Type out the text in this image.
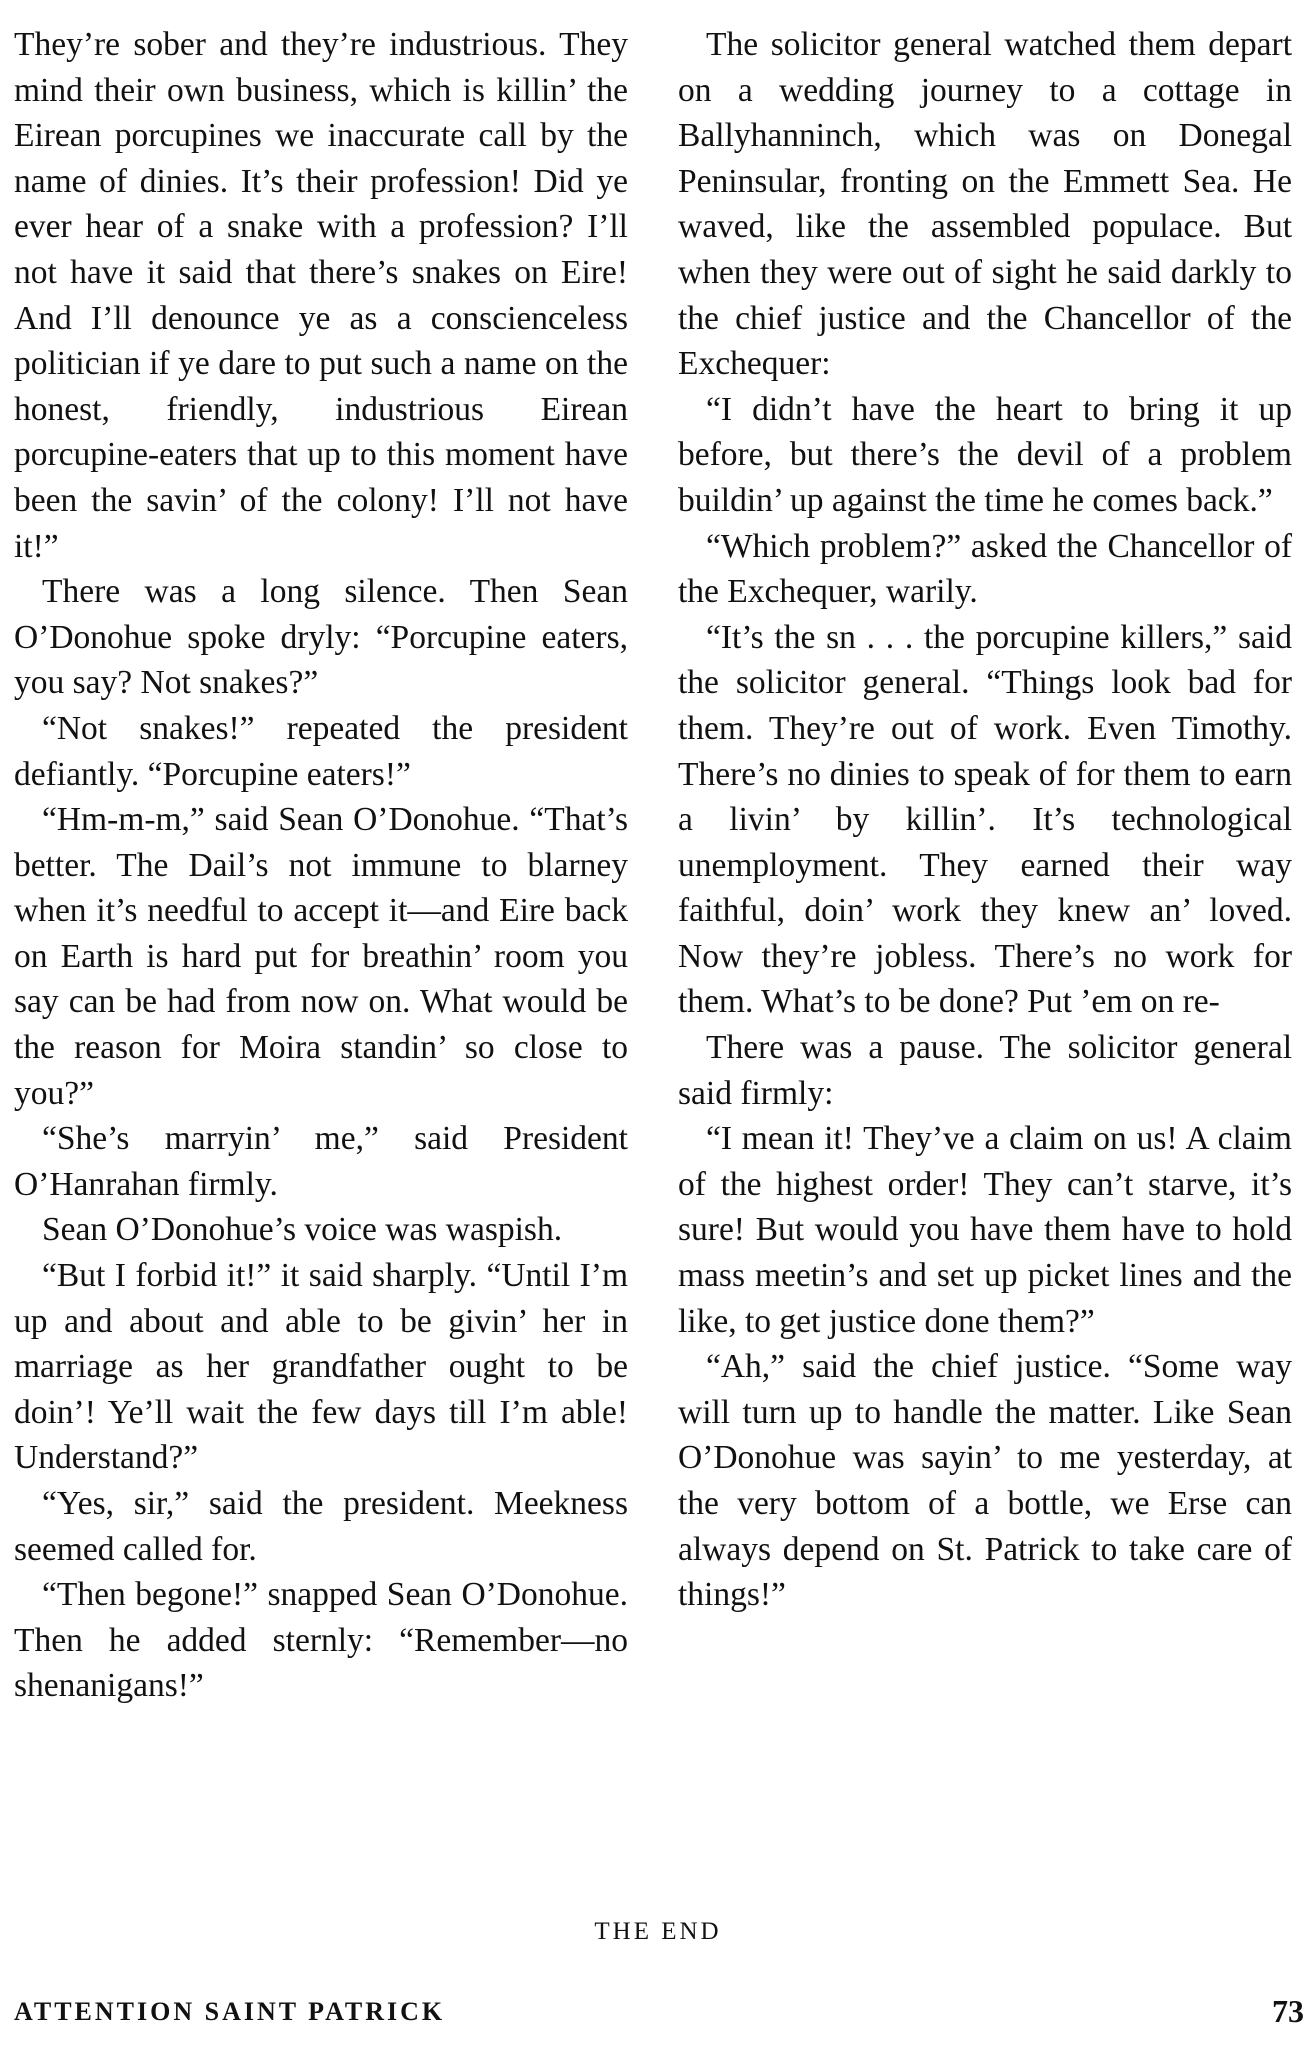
They’re sober and they’re industrious. They mind their own business, which is killin’ the Eirean porcupines we inaccurate call by the name of dinies. It’s their profession! Did ye ever hear of a snake with a profession? I’ll not have it said that there’s snakes on Eire! And I’ll denounce ye as a conscienceless politician if ye dare to put such a name on the honest, friendly, industrious Eirean porcupine-eaters that up to this moment have been the savin’ of the colony! I’ll not have it!”

There was a long silence. Then Sean O’Donohue spoke dryly: “Porcupine eaters, you say? Not snakes?”

“Not snakes!” repeated the president defiantly. “Porcupine eaters!”

“Hm-m-m,” said Sean O’Donohue. “That’s better. The Dail’s not immune to blarney when it’s needful to accept it—and Eire back on Earth is hard put for breathin’ room you say can be had from now on. What would be the reason for Moira standin’ so close to you?”

“She’s marryin’ me,” said President O’Hanrahan firmly.

Sean O’Donohue’s voice was waspish.

“But I forbid it!” it said sharply. “Until I’m up and about and able to be givin’ her in marriage as her grandfather ought to be doin’! Ye’ll wait the few days till I’m able! Understand?”

“Yes, sir,” said the president. Meekness seemed called for.

“Then begone!” snapped Sean O’Donohue. Then he added sternly: “Remember—no shenanigans!”

The solicitor general watched them depart on a wedding journey to a cottage in Ballyhanninch, which was on Donegal Peninsular, fronting on the Emmett Sea. He waved, like the assembled populace. But when they were out of sight he said darkly to the chief justice and the Chancellor of the Exchequer:

“I didn’t have the heart to bring it up before, but there’s the devil of a problem buildin’ up against the time he comes back.”

“Which problem?” asked the Chancellor of the Exchequer, warily.

“It’s the sn . . . the porcupine killers,” said the solicitor general. “Things look bad for them. They’re out of work. Even Timothy. There’s no dinies to speak of for them to earn a livin’ by killin’. It’s technological unemployment. They earned their way faithful, doin’ work they knew an’ loved. Now they’re jobless. There’s no work for them. What’s to be done? Put ’em on re-

There was a pause. The solicitor general said firmly:

“I mean it! They’ve a claim on us! A claim of the highest order! They can’t starve, it’s sure! But would you have them have to hold mass meetin’s and set up picket lines and the like, to get justice done them?”

“Ah,” said the chief justice. “Some way will turn up to handle the matter. Like Sean O’Donohue was sayin’ to me yesterday, at the very bottom of a bottle, we Erse can always depend on St. Patrick to take care of things!”

THE END
ATTENTION SAINT PATRICK	73
